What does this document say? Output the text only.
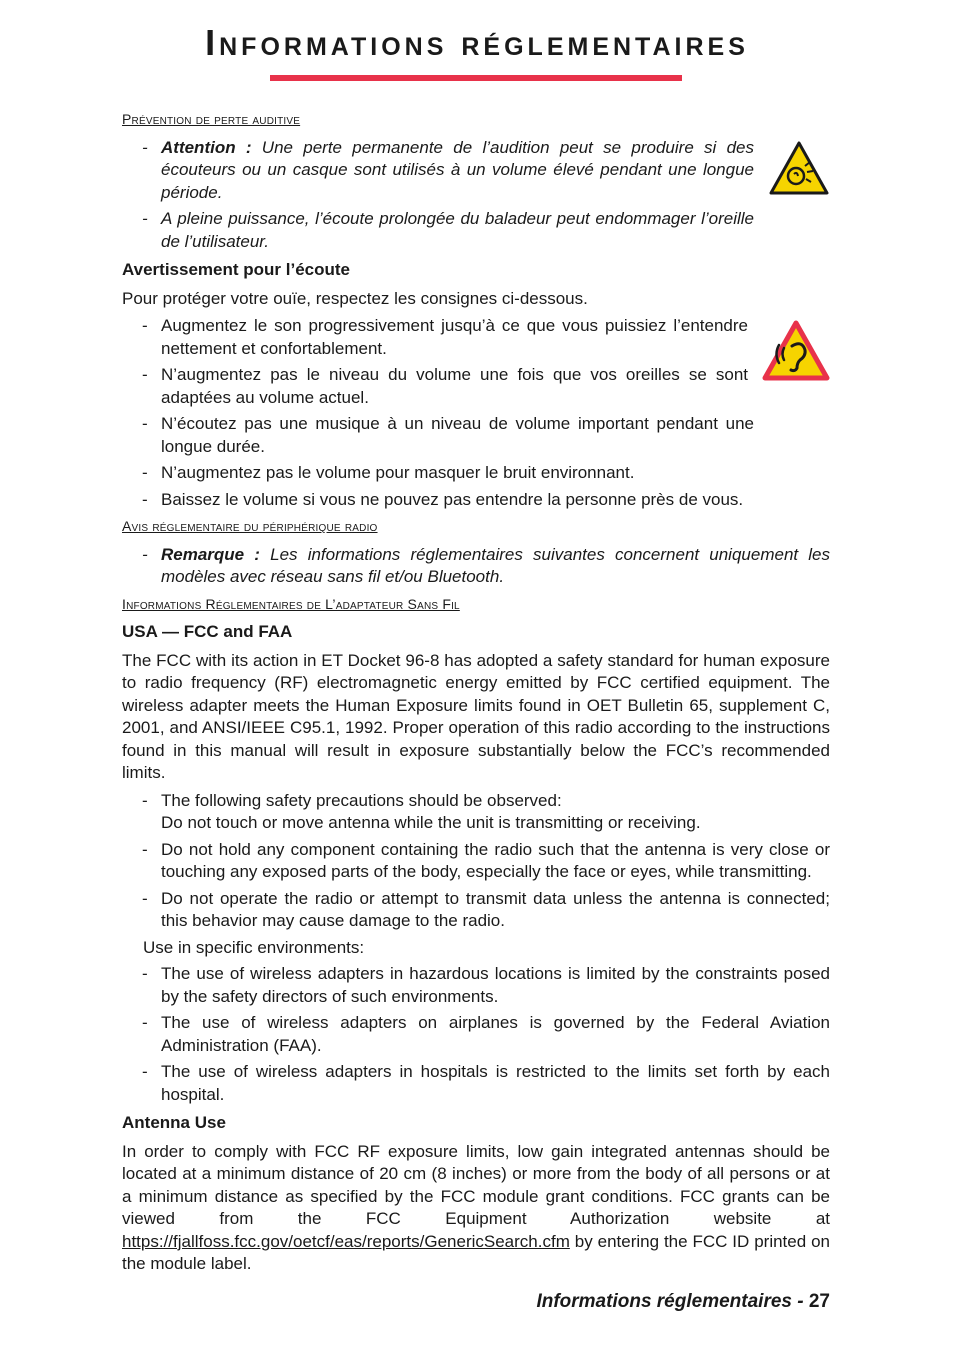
Informations réglementaires
Prévention de perte auditive
- Attention : Une perte permanente de l’audition peut se produire si des écouteurs ou un casque sont utilisés à un volume élevé pendant une longue période.
- A pleine puissance, l’écoute prolongée du baladeur peut endommager l’oreille de l’utilisateur.
Avertissement pour l’écoute

Pour protéger votre ouïe, respectez les consignes ci-dessous.

- Augmentez le son progressivement jusqu’à ce que vous puissiez l’entendre nettement et confortablement.
- N’augmentez pas le niveau du volume une fois que vos oreilles se sont adaptées au volume actuel.
- N’écoutez pas une musique à un niveau de volume important pendant une longue durée.
- N’augmentez pas le volume pour masquer le bruit environnant.
- Baissez le volume si vous ne pouvez pas entendre la personne près de vous.
Avis réglementaire du périphérique radio
- Remarque : Les informations réglementaires suivantes concernent uniquement les modèles avec réseau sans fil et/ou Bluetooth.
Informations Réglementaires de L’adaptateur Sans Fil
USA — FCC and FAA

The FCC with its action in ET Docket 96-8 has adopted a safety standard for human exposure to radio frequency (RF) electromagnetic energy emitted by FCC certified equipment. The wireless adapter meets the Human Exposure limits found in OET Bulletin 65, supplement C, 2001, and ANSI/IEEE C95.1, 1992. Proper operation of this radio according to the instructions found in this manual will result in exposure substantially below the FCC’s recommended limits.

- The following safety precautions should be observed:
Do not touch or move antenna while the unit is transmitting or receiving.
- Do not hold any component containing the radio such that the antenna is very close or touching any exposed parts of the body, especially the face or eyes, while transmitting.
- Do not operate the radio or attempt to transmit data unless the antenna is connected; this behavior may cause damage to the radio.
Use in specific environments:
- The use of wireless adapters in hazardous locations is limited by the constraints posed by the safety directors of such environments.
- The use of wireless adapters on airplanes is governed by the Federal Aviation Administration (FAA).
- The use of wireless adapters in hospitals is restricted to the limits set forth by each hospital.
Antenna Use

In order to comply with FCC RF exposure limits, low gain integrated antennas should be located at a minimum distance of 20 cm (8 inches) or more from the body of all persons or at a minimum distance as specified by the FCC module grant conditions. FCC grants can be viewed from the FCC Equipment Authorization website at https://fjallfoss.fcc.gov/oetcf/eas/reports/GenericSearch.cfm by entering the FCC ID printed on the module label.

Informations réglementaires - 27
